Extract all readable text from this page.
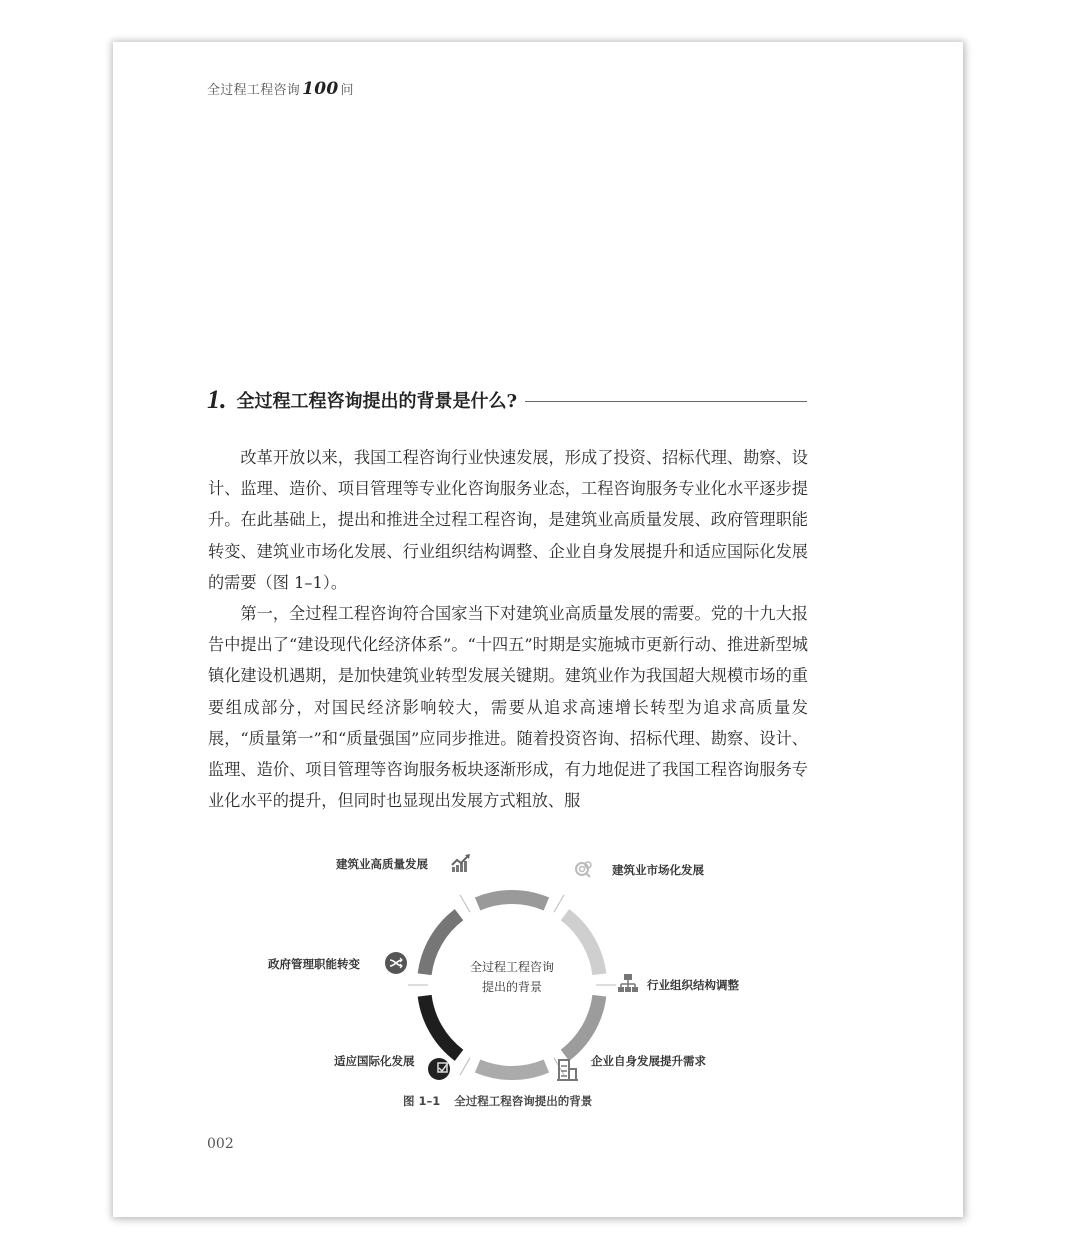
全过程工程咨询 100 问
1. 全过程工程咨询提出的背景是什么?

改革开放以来，我国工程咨询行业快速发展，形成了投资、招标代理、勘察、设计、监理、造价、项目管理等专业化咨询服务业态，工程咨询服务专业化水平逐步提升。在此基础上，提出和推进全过程工程咨询，是建筑业高质量发展、政府管理职能转变、建筑业市场化发展、行业组织结构调整、企业自身发展提升和适应国际化发展的需要（图 1–1）。

第一，全过程工程咨询符合国家当下对建筑业高质量发展的需要。党的十九大报告中提出了“建设现代化经济体系”。“十四五”时期是实施城市更新行动、推进新型城镇化建设机遇期，是加快建筑业转型发展关键期。建筑业作为我国超大规模市场的重要组成部分，对国民经济影响较大，需要从追求高速增长转型为追求高质量发展，“质量第一”和“质量强国”应同步推进。随着投资咨询、招标代理、勘察、设计、监理、造价、项目管理等咨询服务板块逐渐形成，有力地促进了我国工程咨询服务专业化水平的提升，但同时也显现出发展方式粗放、服

全过程工程咨询
提出的背景
建筑业高质量发展	建筑业市场化发展
行业组织结构调整
企业自身发展提升需求
适应国际化发展
政府管理职能转变
图 1–1 全过程工程咨询提出的背景
002
